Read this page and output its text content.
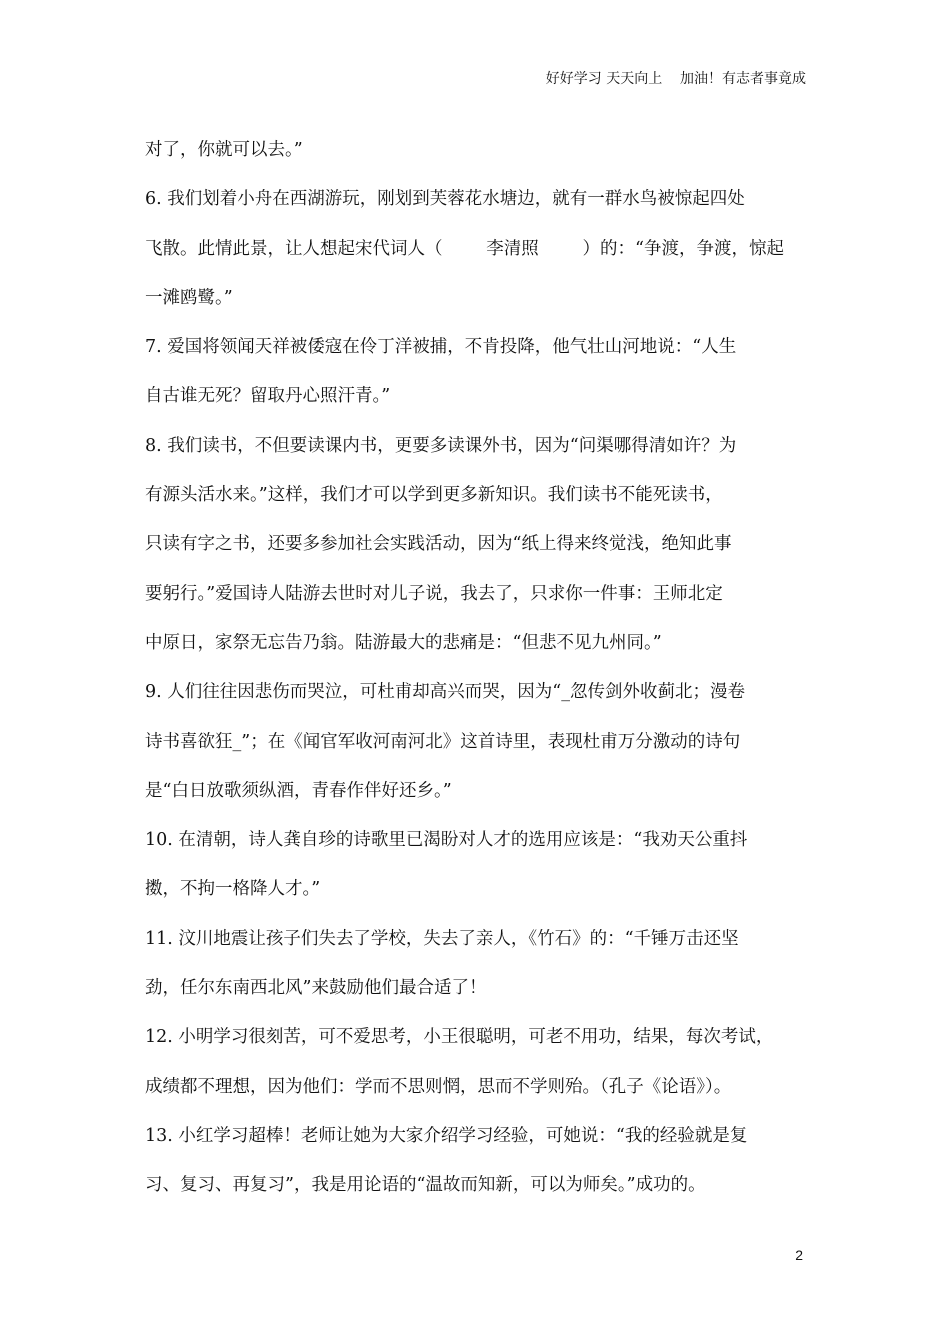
好好学习 天天向上    加油！有志者事竟成
对了，你就可以去。”
6. 我们划着小舟在西湖游玩，刚划到芙蓉花水塘边，就有一群水鸟被惊起四处
飞散。此情此景，让人想起宋代词人（	李清照	）的：“争渡，争渡，惊起
一滩鸥鹭。”
7. 爱国将领闻天祥被倭寇在伶丁洋被捕，不肯投降，他气壮山河地说：“人生
自古谁无死？留取丹心照汗青。”
8. 我们读书，不但要读课内书，更要多读课外书，因为“问渠哪得清如许？为
有源头活水来。”这样，我们才可以学到更多新知识。我们读书不能死读书，
只读有字之书，还要多参加社会实践活动，因为“纸上得来终觉浅，绝知此事
要躬行。”爱国诗人陆游去世时对儿子说，我去了，只求你一件事：王师北定
中原日，家祭无忘告乃翁。陆游最大的悲痛是：“但悲不见九州同。”
9. 人们往往因悲伤而哭泣，可杜甫却高兴而哭，因为“_忽传剑外收蓟北；漫卷
诗书喜欲狂_”；在《闻官军收河南河北》这首诗里，表现杜甫万分激动的诗句
是“白日放歌须纵酒，青春作伴好还乡。”
10. 在清朝，诗人龚自珍的诗歌里已渴盼对人才的选用应该是：“我劝天公重抖
擞，不拘一格降人才。”
11. 汶川地震让孩子们失去了学校，失去了亲人，《竹石》的：“千锤万击还坚
劲，任尔东南西北风”来鼓励他们最合适了！
12. 小明学习很刻苦，可不爱思考，小王很聪明，可老不用功，结果，每次考试，
成绩都不理想，因为他们：学而不思则惘，思而不学则殆。（孔子《论语》）。
13. 小红学习超棒！老师让她为大家介绍学习经验，可她说：“我的经验就是复
习、复习、再复习”，我是用论语的“温故而知新，可以为师矣。”成功的。
2
